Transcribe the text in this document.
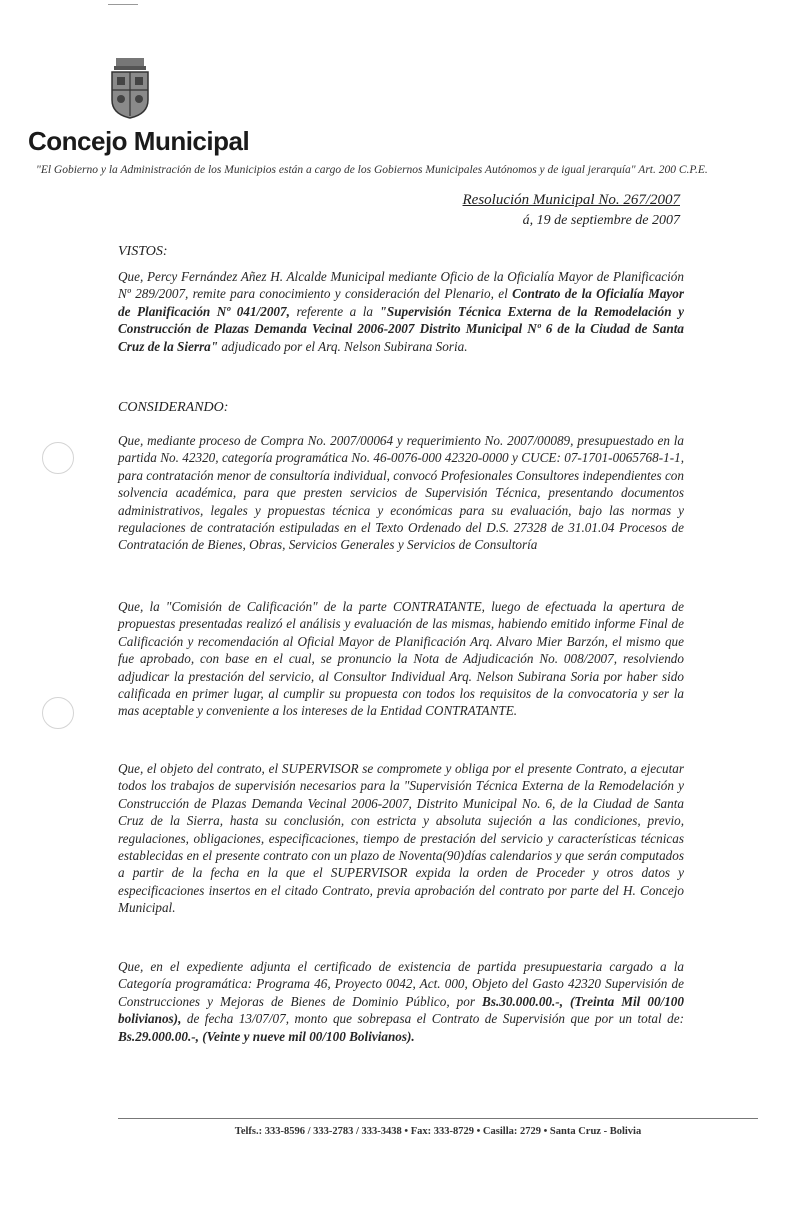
Concejo Municipal
"El Gobierno y la Administración de los Municipios están a cargo de los Gobiernos Municipales Autónomos y de igual jerarquía" Art. 200 C.P.E.
Resolución Municipal No. 267/2007
á, 19 de septiembre de 2007
VISTOS:
Que, Percy Fernández Añez H. Alcalde Municipal mediante Oficio de la Oficialía Mayor de Planificación Nº 289/2007, remite para conocimiento y consideración del Plenario, el Contrato de la Oficialía Mayor de Planificación Nº 041/2007, referente a la "Supervisión Técnica Externa de la Remodelación y Construcción de Plazas Demanda Vecinal 2006-2007 Distrito Municipal Nº 6 de la Ciudad de Santa Cruz de la Sierra" adjudicado por el Arq. Nelson Subirana Soria.
CONSIDERANDO:
Que, mediante proceso de Compra No. 2007/00064 y requerimiento No. 2007/00089, presupuestado en la partida No. 42320, categoría programática No. 46-0076-000 42320-0000 y CUCE: 07-1701-0065768-1-1, para contratación menor de consultoría individual, convocó Profesionales Consultores independientes con solvencia académica, para que presten servicios de Supervisión Técnica, presentando documentos administrativos, legales y propuestas técnica y económicas para su evaluación, bajo las normas y regulaciones de contratación estipuladas en el Texto Ordenado del D.S. 27328 de 31.01.04 Procesos de Contratación de Bienes, Obras, Servicios Generales y Servicios de Consultoría
Que, la "Comisión de Calificación" de la parte CONTRATANTE, luego de efectuada la apertura de propuestas presentadas realizó el análisis y evaluación de las mismas, habiendo emitido informe Final de Calificación y recomendación al Oficial Mayor de Planificación Arq. Alvaro Mier Barzón, el mismo que fue aprobado, con base en el cual, se pronuncio la Nota de Adjudicación No. 008/2007, resolviendo adjudicar la prestación del servicio, al Consultor Individual Arq. Nelson Subirana Soria por haber sido calificada en primer lugar, al cumplir su propuesta con todos los requisitos de la convocatoria y ser la mas aceptable y conveniente a los intereses de la Entidad CONTRATANTE.
Que, el objeto del contrato, el SUPERVISOR se compromete y obliga por el presente Contrato, a ejecutar todos los trabajos de supervisión necesarios para la "Supervisión Técnica Externa de la Remodelación y Construcción de Plazas Demanda Vecinal 2006-2007, Distrito Municipal No. 6, de la Ciudad de Santa Cruz de la Sierra, hasta su conclusión, con estricta y absoluta sujeción a las condiciones, previo, regulaciones, obligaciones, especificaciones, tiempo de prestación del servicio y características técnicas establecidas en el presente contrato con un plazo de Noventa(90)días calendarios y que serán computados a partir de la fecha en la que el SUPERVISOR expida la orden de Proceder y otros datos y especificaciones insertos en el citado Contrato, previa aprobación del contrato por parte del H. Concejo Municipal.
Que, en el expediente adjunta el certificado de existencia de partida presupuestaria cargado a la Categoría programática: Programa 46, Proyecto 0042, Act. 000, Objeto del Gasto 42320 Supervisión de Construcciones y Mejoras de Bienes de Dominio Público, por Bs.30.000.00.-, (Treinta Mil 00/100 bolivianos), de fecha 13/07/07, monto que sobrepasa el Contrato de Supervisión que por un total de: Bs.29.000.00.-, (Veinte y nueve mil 00/100 Bolivianos).
Telfs.: 333-8596 / 333-2783 / 333-3438 • Fax: 333-8729 • Casilla: 2729 • Santa Cruz - Bolivia
